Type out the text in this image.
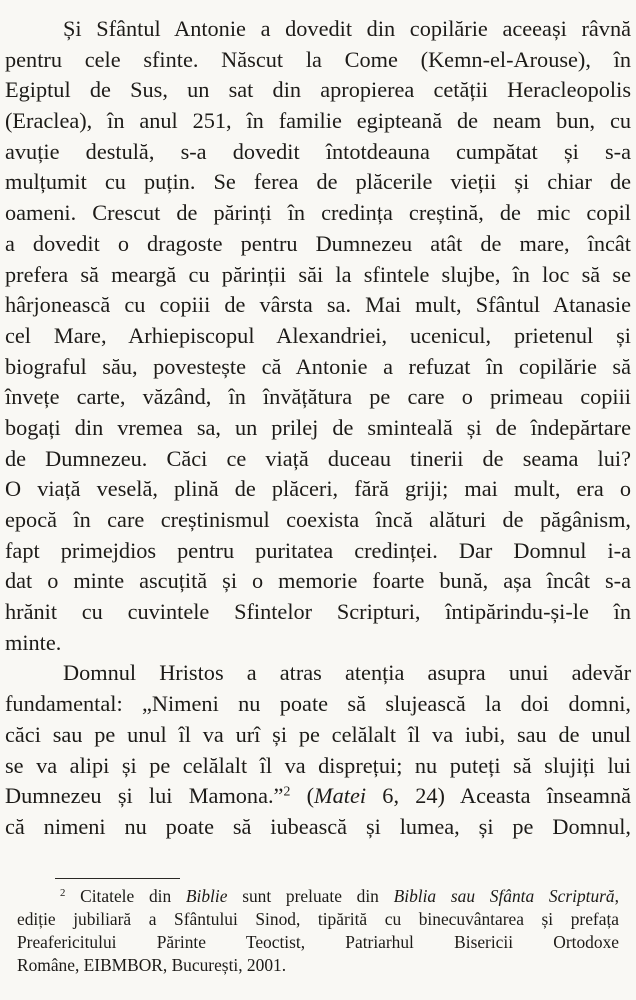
Și Sfântul Antonie a dovedit din copilărie aceeași râvnă
pentru cele sfinte. Născut la Come (Kemn-el-Arouse), în
Egiptul de Sus, un sat din apropierea cetății Heracleopolis
(Eraclea), în anul 251, în familie egipteană de neam bun, cu
avuție destulă, s-a dovedit întotdeauna cumpătat și s-a
mulțumit cu puțin. Se ferea de plăcerile vieții și chiar de
oameni. Crescut de părinți în credința creștină, de mic copil
a dovedit o dragoste pentru Dumnezeu atât de mare, încât
prefera să meargă cu părinții săi la sfintele slujbe, în loc să se
hârjonească cu copiii de vârsta sa. Mai mult, Sfântul Atanasie
cel Mare, Arhiepiscopul Alexandriei, ucenicul, prietenul și
biograful său, povestește că Antonie a refuzat în copilărie să
învețe carte, văzând, în învățătura pe care o primeau copiii
bogați din vremea sa, un prilej de sminteală și de îndepărtare
de Dumnezeu. Căci ce viață duceau tinerii de seama lui?
O viață veselă, plină de plăceri, fără griji; mai mult, era o
epocă în care creștinismul coexista încă alături de păgânism,
fapt primejdios pentru puritatea credinței. Dar Domnul i-a
dat o minte ascuțită și o memorie foarte bună, așa încât s-a
hrănit cu cuvintele Sfintelor Scripturi, întipărindu-și-le în
minte.
Domnul Hristos a atras atenția asupra unui adevăr
fundamental: „Nimeni nu poate să slujească la doi domni,
căci sau pe unul îl va urî și pe celălalt îl va iubi, sau de unul
se va alipi și pe celălalt îl va disprețui; nu puteți să slujiți lui
Dumnezeu și lui Mamona.”$^2$ (Matei 6, 24) Aceasta înseamnă
că nimeni nu poate să iubească și lumea, și pe Domnul,
$^2$ Citatele din Biblie sunt preluate din Biblia sau Sfânta Scriptură,
ediție jubiliară a Sfântului Sinod, tipărită cu binecuvântarea și prefața
Preafericitului Părinte Teoctist, Patriarhul Bisericii Ortodoxe
Române, EIBMBOR, București, 2001.
